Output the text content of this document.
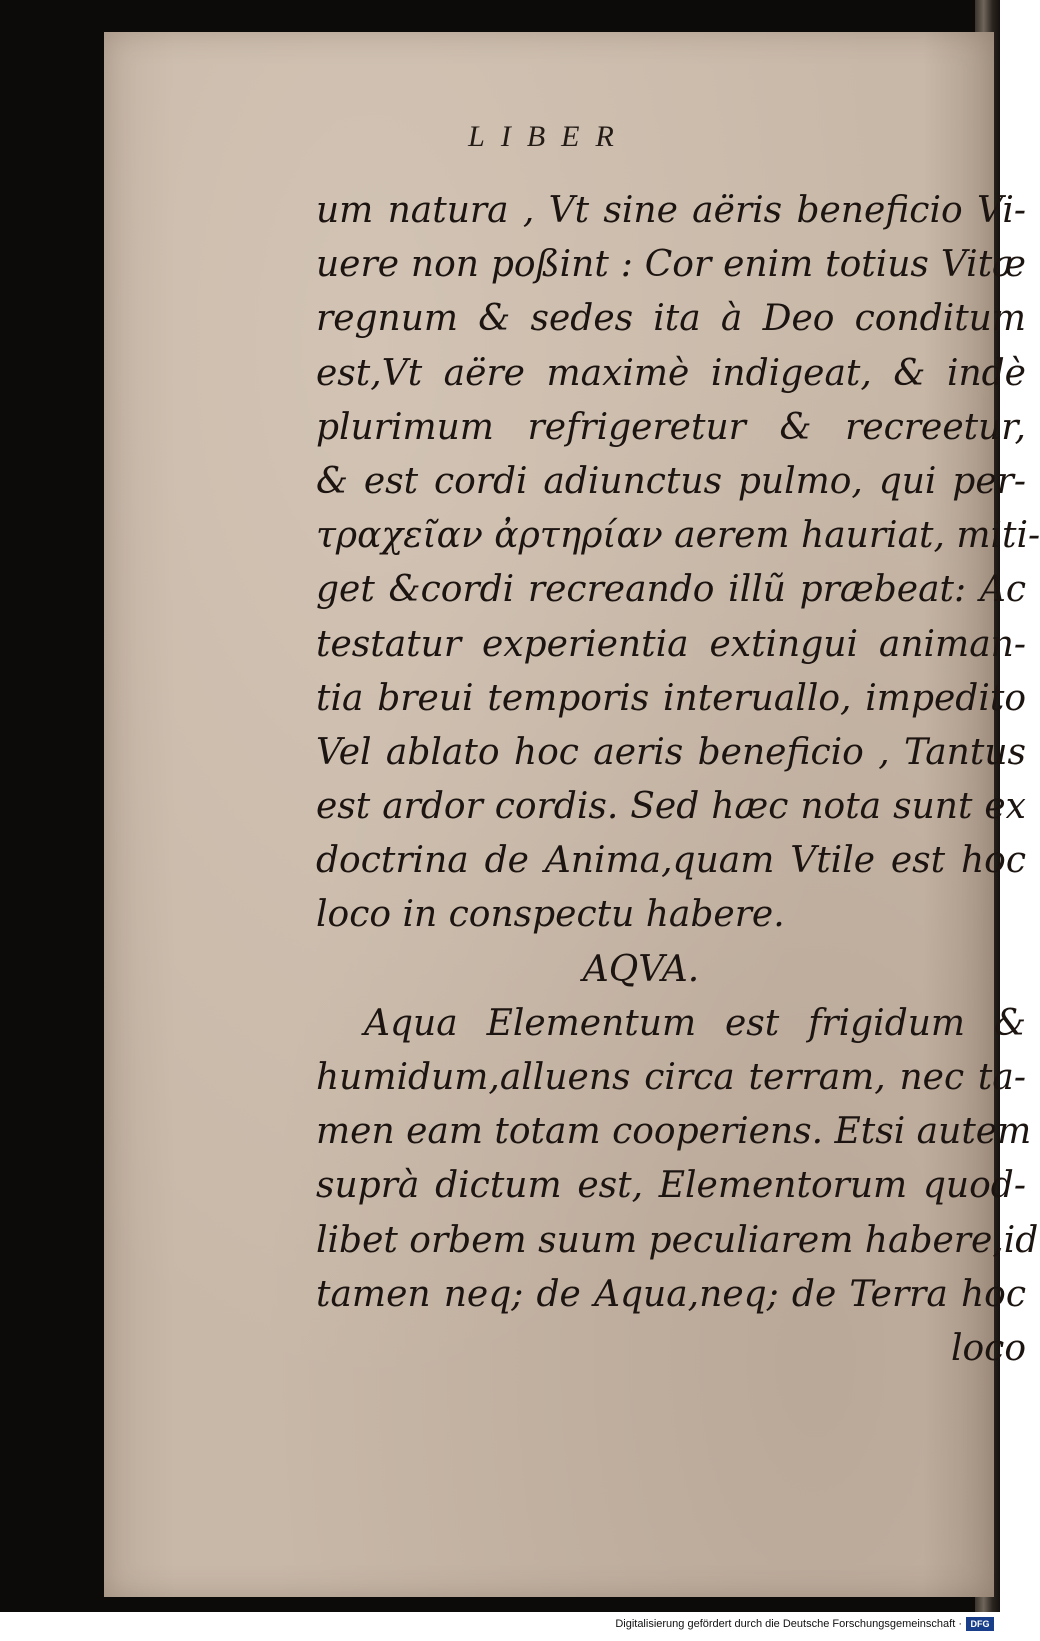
LIBER
um natura , Vt sine aëris beneficio Vi-
uere non poßint : Cor enim totius Vitæ
regnum & sedes ita à Deo conditum
est,Vt aëre maximè indigeat, & indè
plurimum refrigeretur & recreetur,
& est cordi adiunctus pulmo, qui per-
τραχεῖαν ἀρτηρίαν aerem hauriat, miti-
get &cordi recreando illũ præbeat: Ac
testatur experientia extingui animan-
tia breui temporis interuallo, impedito
Vel ablato hoc aeris beneficio , Tantus
est ardor cordis. Sed hæc nota sunt ex
doctrina de Anima,quam Vtile est hoc
loco in conspectu habere.
AQVA.
Aqua Elementum est frigidum &
humidum,alluens circa terram, nec ta-
men eam totam cooperiens. Etsi autem
suprà dictum est, Elementorum quod-
libet orbem suum peculiarem habere,id
tamen neq; de Aqua,neq; de Terra hoc
loco
Digitalisierung gefördert durch die Deutsche Forschungsgemeinschaft · DFG
